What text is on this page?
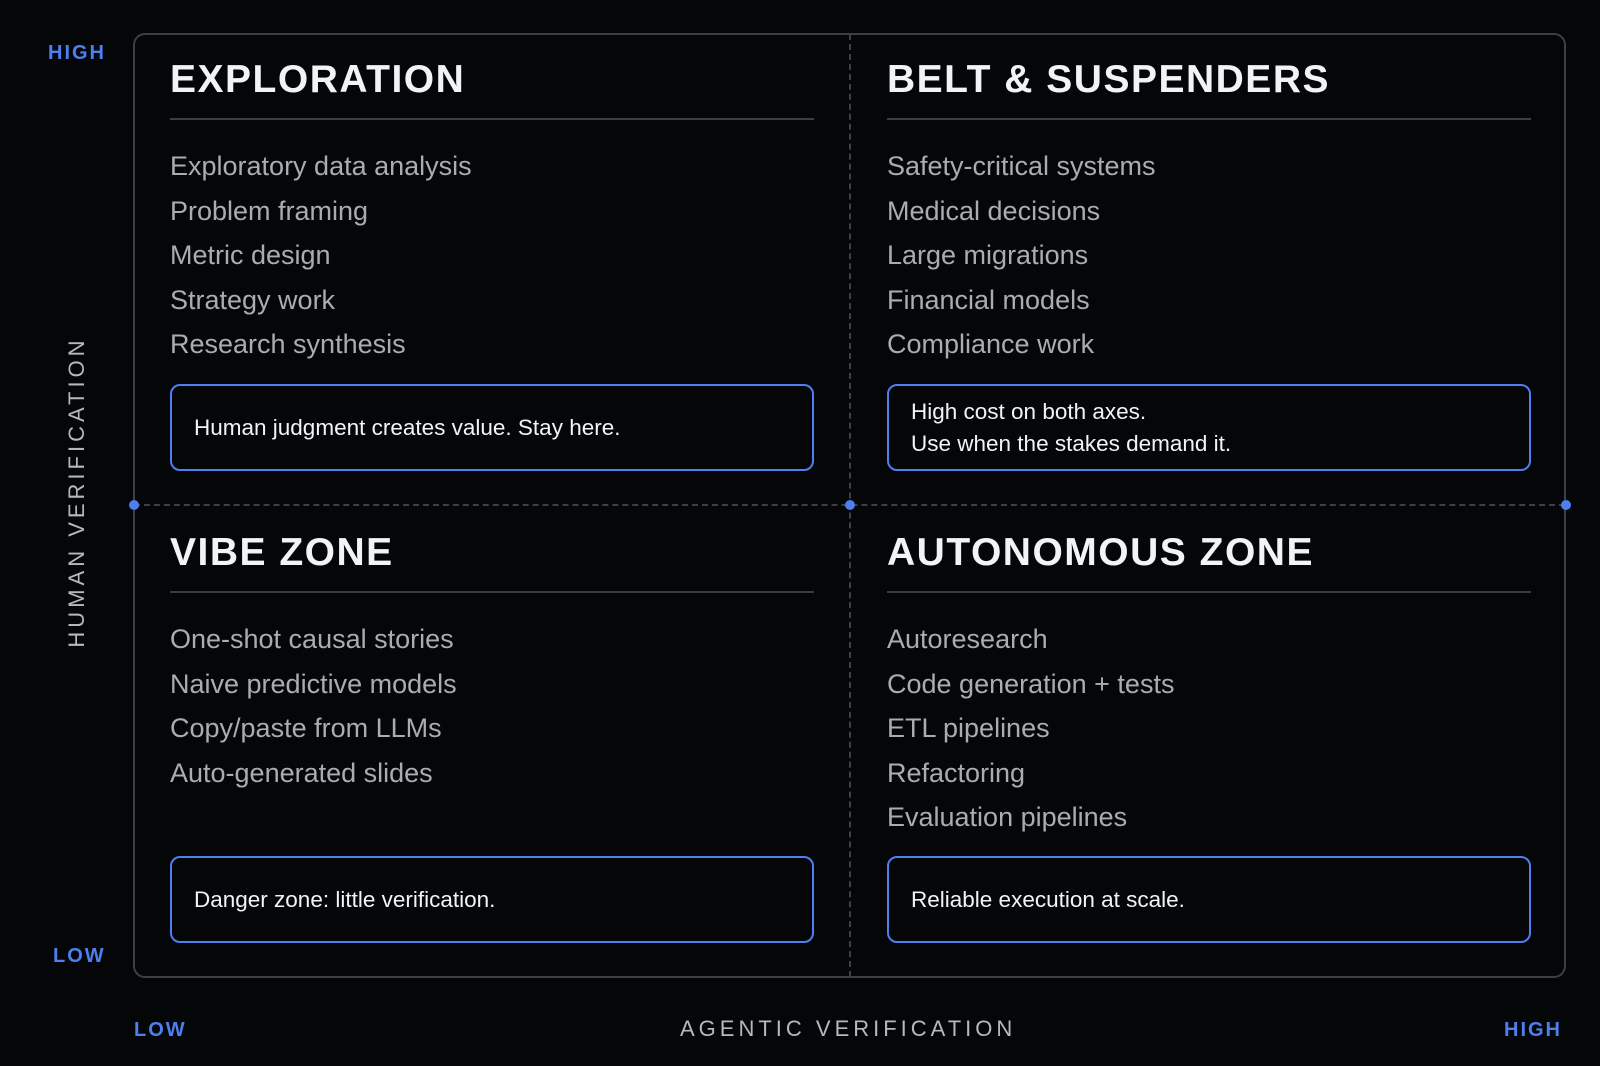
HIGH
LOW
HUMAN VERIFICATION
LOW	HIGH
AGENTIC VERIFICATION
EXPLORATION
Exploratory data analysis
Problem framing
Metric design
Strategy work
Research synthesis
Human judgment creates value. Stay here.
BELT & SUSPENDERS
Safety-critical systems
Medical decisions
Large migrations
Financial models
Compliance work
High cost on both axes.
Use when the stakes demand it.
VIBE ZONE
One-shot causal stories
Naive predictive models
Copy/paste from LLMs
Auto-generated slides
Danger zone: little verification.
AUTONOMOUS ZONE
Autoresearch
Code generation + tests
ETL pipelines
Refactoring
Evaluation pipelines
Reliable execution at scale.
